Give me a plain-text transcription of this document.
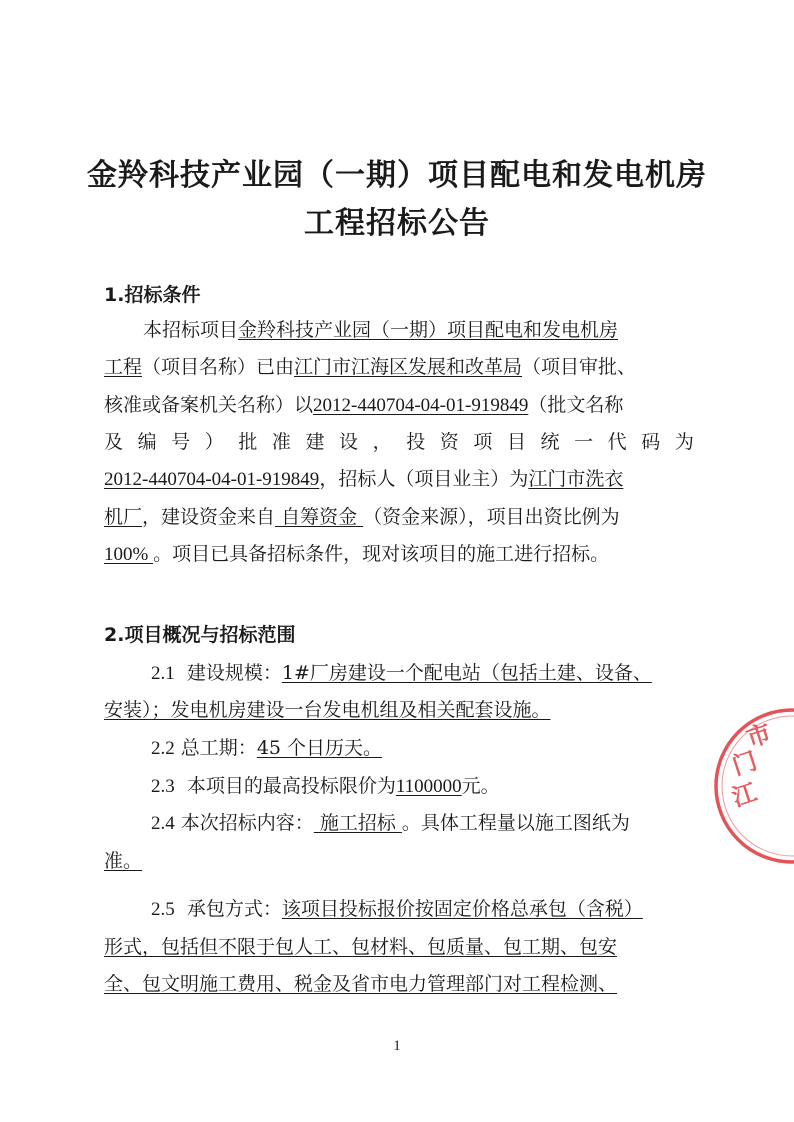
金羚科技产业园（一期）项目配电和发电机房
工程招标公告
1.招标条件

本招标项目金羚科技产业园（一期）项目配电和发电机房

工程（项目名称）已由江门市江海区发展和改革局（项目审批、

核准或备案机关名称）以2012-440704-04-01-919849（批文名称

及 编 号 ） 批 准 建 设 ， 投 资 项 目 统 一 代 码 为

2012-440704-04-01-919849，招标人（项目业主）为江门市洗衣

机厂，建设资金来自 自筹资金 （资金来源），项目出资比例为

100% 。项目已具备招标条件，现对该项目的施工进行招标。

2.项目概况与招标范围

2.1 建设规模：1#厂房建设一个配电站（包括土建、设备、

安装）；发电机房建设一台发电机组及相关配套设施。

2.2 总工期：45 个日历天。

2.3 本项目的最高投标限价为1100000元。

2.4 本次招标内容： 施工招标 。具体工程量以施工图纸为

准。

2.5 承包方式：该项目投标报价按固定价格总承包（含税）

形式，包括但不限于包人工、包材料、包质量、包工期、包安

全、包文明施工费用、税金及省市电力管理部门对工程检测、

1

江
门
市
